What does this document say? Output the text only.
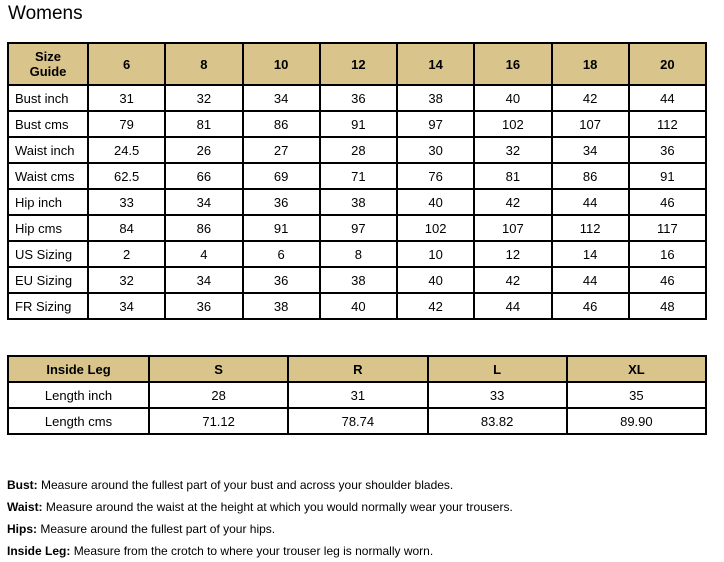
Womens
Size
Guide	6	8	10	12	14	16	18	20
Bust inch	31	32	34	36	38	40	42	44
Bust cms	79	81	86	91	97	102	107	112
Waist inch	24.5	26	27	28	30	32	34	36
Waist cms	62.5	66	69	71	76	81	86	91
Hip inch	33	34	36	38	40	42	44	46
Hip cms	84	86	91	97	102	107	112	117
US Sizing	2	4	6	8	10	12	14	16
EU Sizing	32	34	36	38	40	42	44	46
FR Sizing	34	36	38	40	42	44	46	48
Inside Leg	S	R	L	XL
Length inch	28	31	33	35
Length cms	71.12	78.74	83.82	89.90
Bust: Measure around the fullest part of your bust and across your shoulder blades.
Waist: Measure around the waist at the height at which you would normally wear your trousers.
Hips: Measure around the fullest part of your hips.
Inside Leg: Measure from the crotch to where your trouser leg is normally worn.
